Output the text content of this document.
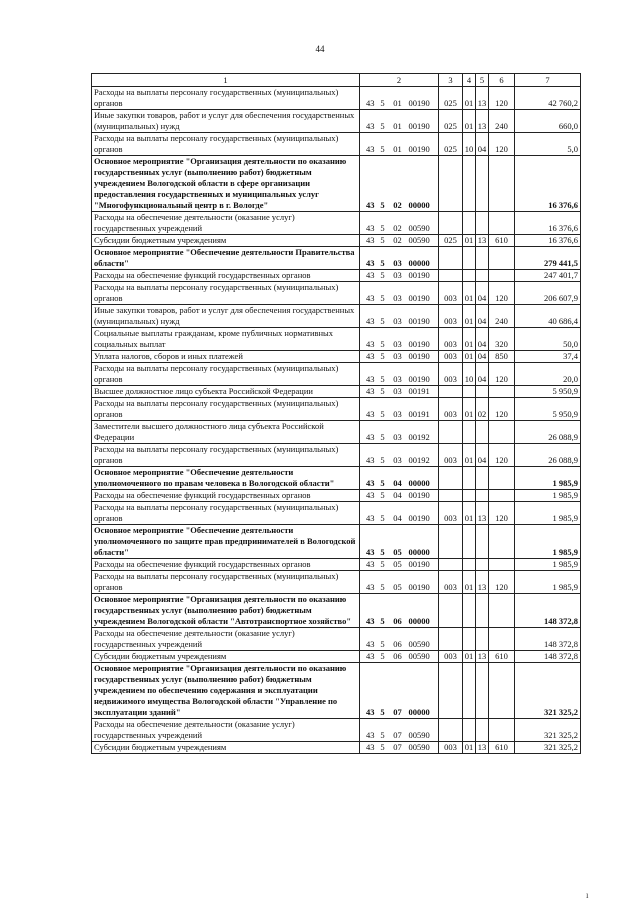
44
1	2				3	4	5	6	7
Расходы на выплаты персоналу государственных (муниципальных) органов	43	5	01	00190	025	01	13	120	42 760,2
Иные закупки товаров, работ и услуг для обеспечения государственных (муниципальных) нужд	43	5	01	00190	025	01	13	240	660,0
Расходы на выплаты персоналу государственных (муниципальных) органов	43	5	01	00190	025	10	04	120	5,0
Основное мероприятие "Организация деятельности по оказанию государственных услуг (выполнению работ) бюджетным учреждением Вологодской области в сфере организации предоставления государственных и муниципальных услуг "Многофункциональный центр в г. Вологде"	43	5	02	00000					16 376,6
Расходы на обеспечение деятельности (оказание услуг) государственных учреждений	43	5	02	00590					16 376,6
Субсидии бюджетным учреждениям	43	5	02	00590	025	01	13	610	16 376,6
Основное мероприятие "Обеспечение деятельности Правительства области"	43	5	03	00000					279 441,5
Расходы на обеспечение функций государственных органов	43	5	03	00190					247 401,7
Расходы на выплаты персоналу государственных (муниципальных) органов	43	5	03	00190	003	01	04	120	206 607,9
Иные закупки товаров, работ и услуг для обеспечения государственных (муниципальных) нужд	43	5	03	00190	003	01	04	240	40 686,4
Социальные выплаты гражданам, кроме публичных нормативных социальных выплат	43	5	03	00190	003	01	04	320	50,0
Уплата налогов, сборов и иных платежей	43	5	03	00190	003	01	04	850	37,4
Расходы на выплаты персоналу государственных (муниципальных) органов	43	5	03	00190	003	10	04	120	20,0
Высшее должностное лицо субъекта Российской Федерации	43	5	03	00191					5 950,9
Расходы на выплаты персоналу государственных (муниципальных) органов	43	5	03	00191	003	01	02	120	5 950,9
Заместители высшего должностного лица субъекта Российской Федерации	43	5	03	00192					26 088,9
Расходы на выплаты персоналу государственных (муниципальных) органов	43	5	03	00192	003	01	04	120	26 088,9
Основное мероприятие "Обеспечение деятельности уполномоченного по правам человека в Вологодской области"	43	5	04	00000					1 985,9
Расходы на обеспечение функций государственных органов	43	5	04	00190					1 985,9
Расходы на выплаты персоналу государственных (муниципальных) органов	43	5	04	00190	003	01	13	120	1 985,9
Основное мероприятие "Обеспечение деятельности уполномоченного по защите прав предпринимателей в Вологодской области"	43	5	05	00000					1 985,9
Расходы на обеспечение функций государственных органов	43	5	05	00190					1 985,9
Расходы на выплаты персоналу государственных (муниципальных) органов	43	5	05	00190	003	01	13	120	1 985,9
Основное мероприятие "Организация деятельности по оказанию государственных услуг (выполнению работ) бюджетным учреждением Вологодской области "Автотранспортное хозяйство"	43	5	06	00000					148 372,8
Расходы на обеспечение деятельности (оказание услуг) государственных учреждений	43	5	06	00590					148 372,8
Субсидии бюджетным учреждениям	43	5	06	00590	003	01	13	610	148 372,8
Основное мероприятие "Организация деятельности по оказанию государственных услуг (выполнению работ) бюджетным учреждением по обеспечению содержания и эксплуатации недвижимого имущества Вологодской области "Управление по эксплуатации зданий"	43	5	07	00000					321 325,2
Расходы на обеспечение деятельности (оказание услуг) государственных учреждений	43	5	07	00590					321 325,2
Субсидии бюджетным учреждениям	43	5	07	00590	003	01	13	610	321 325,2
ı
